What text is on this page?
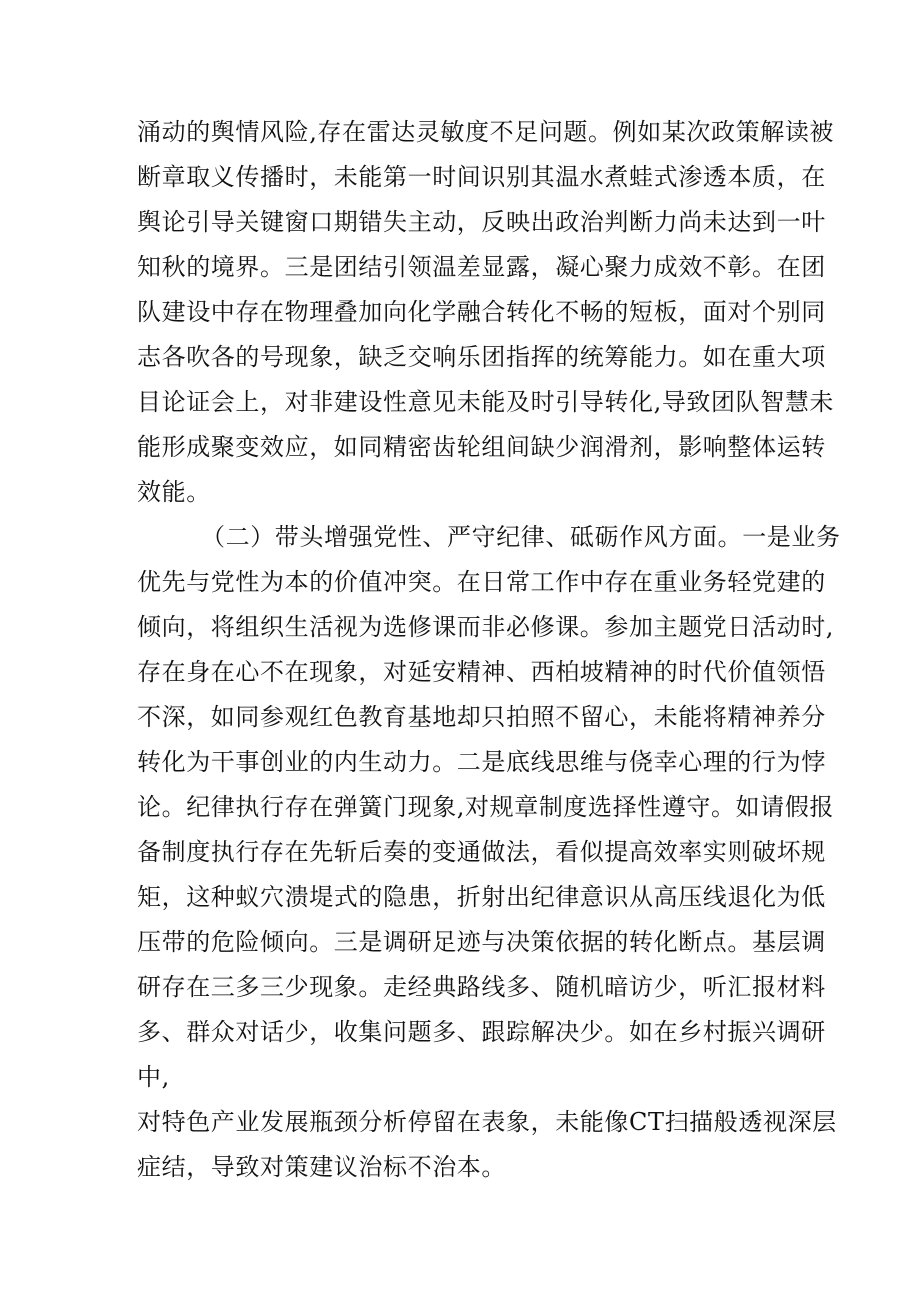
涌动的舆情风险,存在雷达灵敏度不足问题。例如某次政策解读被
断章取义传播时，未能第一时间识别其温水煮蛙式渗透本质，在
舆论引导关键窗口期错失主动，反映出政治判断力尚未达到一叶
知秋的境界。三是团结引领温差显露，凝心聚力成效不彰。在团
队建设中存在物理叠加向化学融合转化不畅的短板，面对个别同
志各吹各的号现象，缺乏交响乐团指挥的统筹能力。如在重大项
目论证会上，对非建设性意见未能及时引导转化,导致团队智慧未
能形成聚变效应，如同精密齿轮组间缺少润滑剂，影响整体运转
效能。
（二）带头增强党性、严守纪律、砥砺作风方面。一是业务
优先与党性为本的价值冲突。在日常工作中存在重业务轻党建的
倾向，将组织生活视为选修课而非必修课。参加主题党日活动时,
存在身在心不在现象，对延安精神、西柏坡精神的时代价值领悟
不深，如同参观红色教育基地却只拍照不留心，未能将精神养分
转化为干事创业的内生动力。二是底线思维与侥幸心理的行为悖
论。纪律执行存在弹簧门现象,对规章制度选择性遵守。如请假报
备制度执行存在先斩后奏的变通做法，看似提高效率实则破坏规
矩，这种蚁穴溃堤式的隐患，折射出纪律意识从高压线退化为低
压带的危险倾向。三是调研足迹与决策依据的转化断点。基层调
研存在三多三少现象。走经典路线多、随机暗访少，听汇报材料
多、群众对话少，收集问题多、跟踪解决少。如在乡村振兴调研
中,
对特色产业发展瓶颈分析停留在表象，未能像CT扫描般透视深层
症结，导致对策建议治标不治本。
